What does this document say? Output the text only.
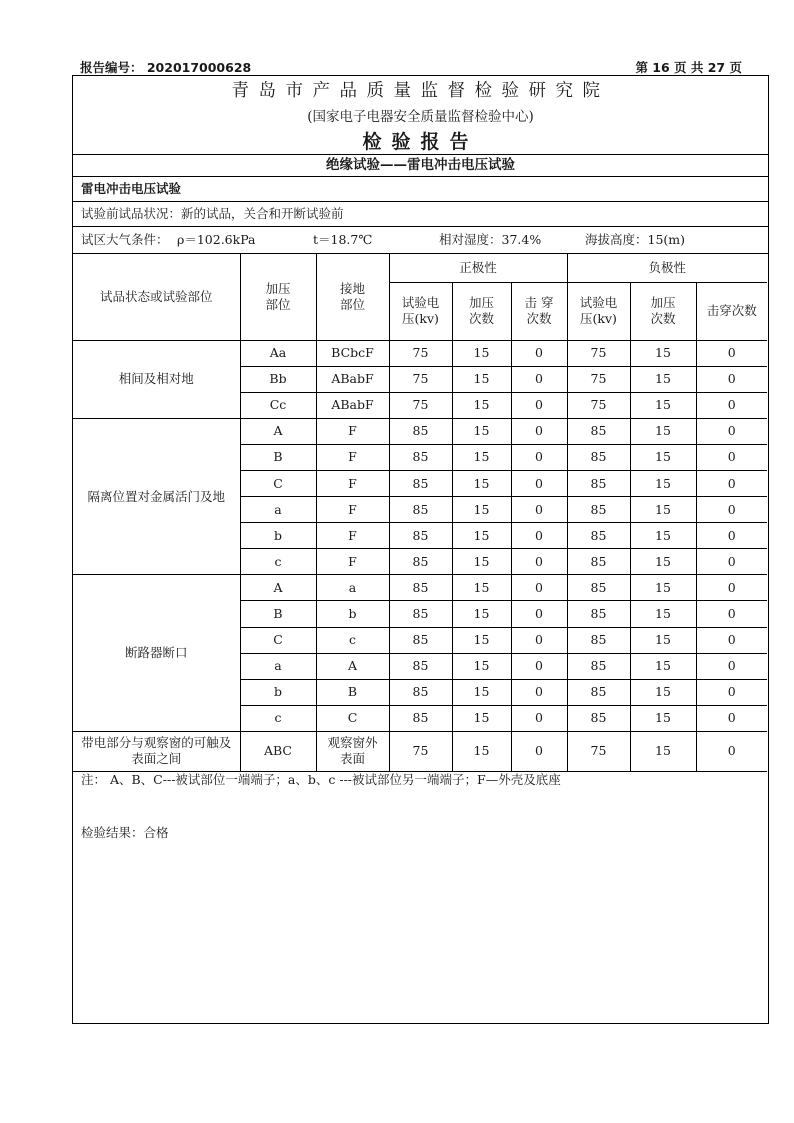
报告编号： 202017000628	第 16 页 共 27 页
青岛市产品质量监督检验研究院
(国家电子电器安全质量监督检验中心)
检验报告
绝缘试验——雷电冲击电压试验
雷电冲击电压试验
试验前试品状况：新的试品，关合和开断试验前
试区大气条件： ρ＝102.6kPa	t＝18.7℃	相对湿度：37.4%	海拔高度：15(m)
试品状态或试验部位	加压部位	接地部位	正极性			负极性		
			试验电压(kv)	加压次数	击 穿次数	试验电压(kv)	加压次数	击穿次数
相间及相对地	Aa	BCbcF	75	15	0	75	15	0
	Bb	ABabF	75	15	0	75	15	0
	Cc	ABabF	75	15	0	75	15	0
隔离位置对金属活门及地	A	F	85	15	0	85	15	0
	B	F	85	15	0	85	15	0
	C	F	85	15	0	85	15	0
	a	F	85	15	0	85	15	0
	b	F	85	15	0	85	15	0
	c	F	85	15	0	85	15	0
断路器断口	A	a	85	15	0	85	15	0
	B	b	85	15	0	85	15	0
	C	c	85	15	0	85	15	0
	a	A	85	15	0	85	15	0
	b	B	85	15	0	85	15	0
	c	C	85	15	0	85	15	0
带电部分与观察窗的可触及表面之间	ABC	观察窗外表面	75	15	0	75	15	0
注： A、B、C---被试部位一端端子；a、b、c ---被试部位另一端端子；F—外壳及底座
检验结果：合格
